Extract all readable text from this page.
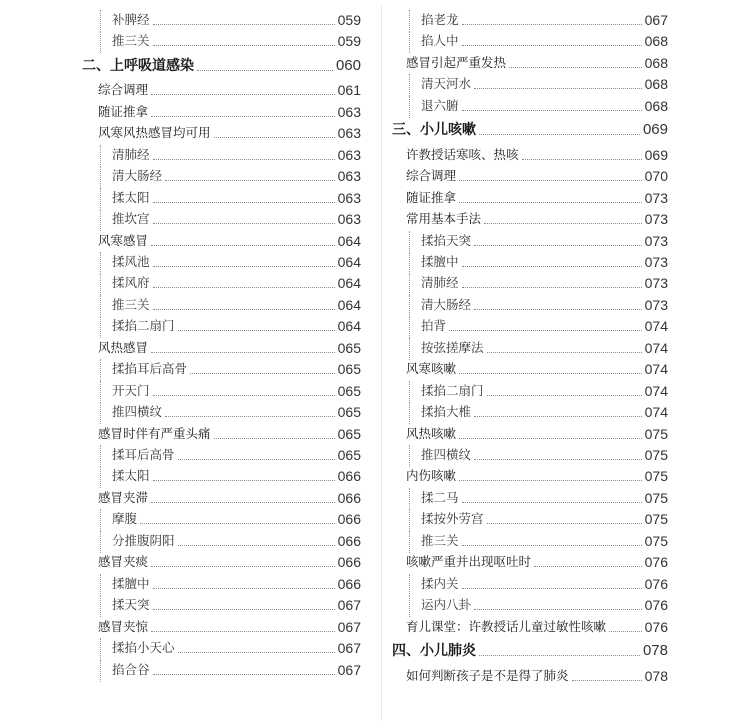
补脾经	059
推三关	059
二、上呼吸道感染	060
综合调理	061
随证推拿	063
风寒风热感冒均可用	063
清肺经	063
清大肠经	063
揉太阳	063
推坎宫	063
风寒感冒	064
揉风池	064
揉风府	064
推三关	064
揉掐二扇门	064
风热感冒	065
揉掐耳后高骨	065
开天门	065
推四横纹	065
感冒时伴有严重头痛	065
揉耳后高骨	065
揉太阳	066
感冒夹滞	066
摩腹	066
分推腹阴阳	066
感冒夹痰	066
揉膻中	066
揉天突	067
感冒夹惊	067
揉掐小天心	067
掐合谷	067
掐老龙	067
掐人中	068
感冒引起严重发热	068
清天河水	068
退六腑	068
三、小儿咳嗽	069
许教授话寒咳、热咳	069
综合调理	070
随证推拿	073
常用基本手法	073
揉掐天突	073
揉膻中	073
清肺经	073
清大肠经	073
拍背	074
按弦搓摩法	074
风寒咳嗽	074
揉掐二扇门	074
揉掐大椎	074
风热咳嗽	075
推四横纹	075
内伤咳嗽	075
揉二马	075
揉按外劳宫	075
推三关	075
咳嗽严重并出现呕吐时	076
揉内关	076
运内八卦	076
育儿课堂：许教授话儿童过敏性咳嗽	076
四、小儿肺炎	078
如何判断孩子是不是得了肺炎	078
